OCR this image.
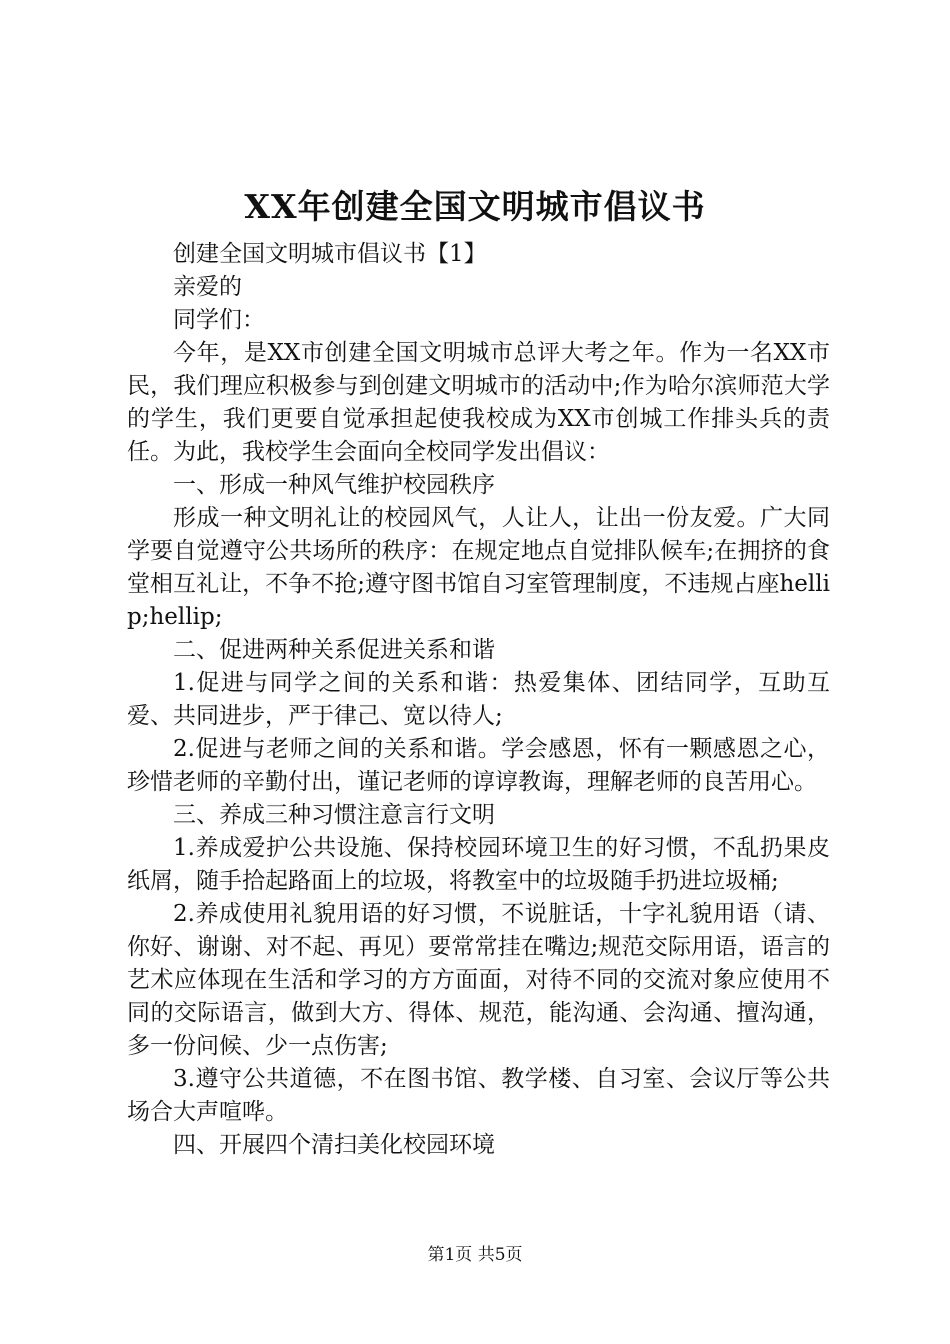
XX年创建全国文明城市倡议书

创建全国文明城市倡议书【1】

亲爱的

同学们：

今年，是XX市创建全国文明城市总评大考之年。作为一名XX市民，我们理应积极参与到创建文明城市的活动中;作为哈尔滨师范大学的学生，我们更要自觉承担起使我校成为XX市创城工作排头兵的责任。为此，我校学生会面向全校同学发出倡议：

一、形成一种风气维护校园秩序

形成一种文明礼让的校园风气，人让人，让出一份友爱。广大同学要自觉遵守公共场所的秩序：在规定地点自觉排队候车;在拥挤的食堂相互礼让，不争不抢;遵守图书馆自习室管理制度，不违规占座hellip;hellip;

二、促进两种关系促进关系和谐

1.促进与同学之间的关系和谐：热爱集体、团结同学，互助互爱、共同进步，严于律己、宽以待人;

2.促进与老师之间的关系和谐。学会感恩，怀有一颗感恩之心，珍惜老师的辛勤付出，谨记老师的谆谆教诲，理解老师的良苦用心。

三、养成三种习惯注意言行文明

1.养成爱护公共设施、保持校园环境卫生的好习惯，不乱扔果皮纸屑，随手拾起路面上的垃圾，将教室中的垃圾随手扔进垃圾桶;

2.养成使用礼貌用语的好习惯，不说脏话，十字礼貌用语（请、你好、谢谢、对不起、再见）要常常挂在嘴边;规范交际用语，语言的艺术应体现在生活和学习的方方面面，对待不同的交流对象应使用不同的交际语言，做到大方、得体、规范，能沟通、会沟通、擅沟通，多一份问候、少一点伤害;

3.遵守公共道德，不在图书馆、教学楼、自习室、会议厅等公共场合大声喧哗。

四、开展四个清扫美化校园环境

第1页 共5页
